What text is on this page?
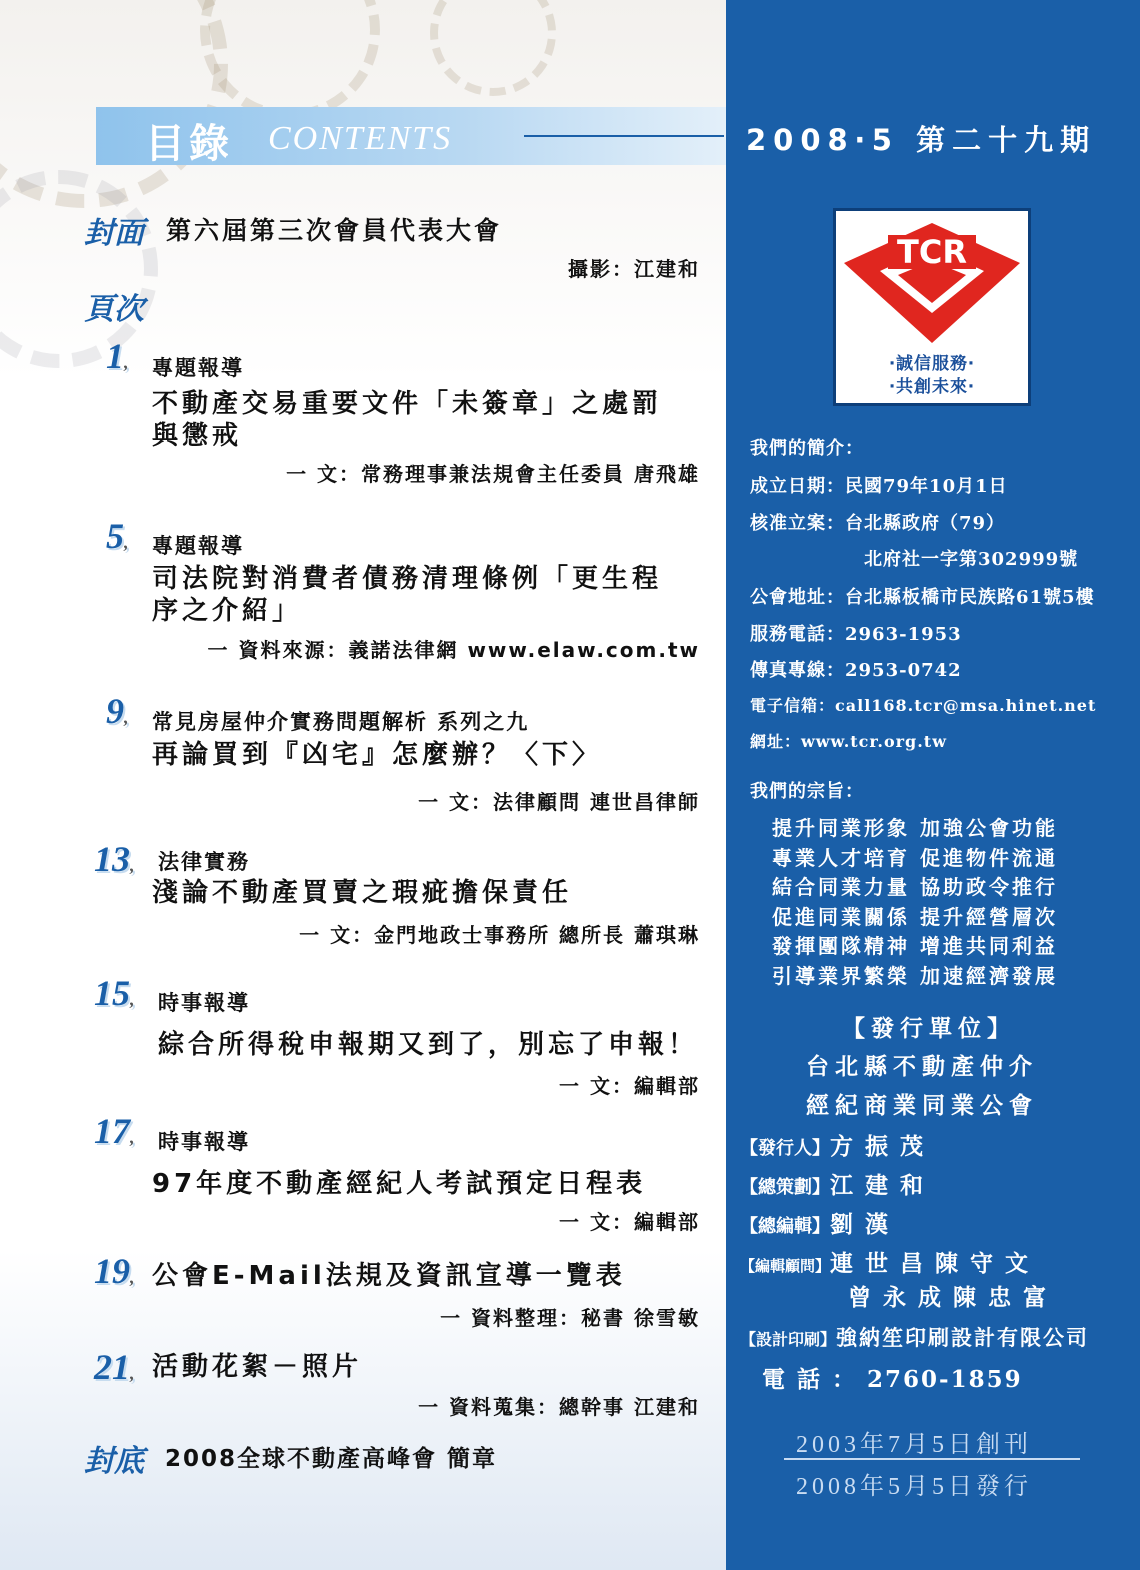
目錄 CONTENTS	2008‧5 第二十九期
封面 第六屆第三次會員代表大會
攝影：江建和
頁次
1 , 專題報導
不動產交易重要文件「未簽章」之處罰
與懲戒
一 文：常務理事兼法規會主任委員 唐飛雄
5 , 專題報導
司法院對消費者債務清理條例「更生程
序之介紹」
一 資料來源：義諾法律網 www.elaw.com.tw
9 , 常見房屋仲介實務問題解析 系列之九
再論買到『凶宅』怎麼辦？〈下〉
一 文：法律顧問 連世昌律師
13 , 法律實務
淺論不動產買賣之瑕疵擔保責任
一 文：金門地政士事務所 總所長 蕭琪琳
15 , 時事報導
綜合所得稅申報期又到了，別忘了申報！
一 文：編輯部
17 , 時事報導
97年度不動產經紀人考試預定日程表
一 文：編輯部
19 , 公會E-Mail法規及資訊宣導一覽表
一 資料整理：秘書 徐雪敏
21 , 活動花絮－照片
一 資料蒐集：總幹事 江建和
封底 2008全球不動產高峰會 簡章
TCR
‧誠信服務‧
‧共創未來‧
我們的簡介：
成立日期：民國79年10月1日
核准立案：台北縣政府（79）
北府社一字第302999號
公會地址：台北縣板橋市民族路61號5樓
服務電話：2963-1953
傳真專線：2953-0742
電子信箱：call168.tcr@msa.hinet.net
網址：www.tcr.org.tw
我們的宗旨：
提升同業形象 加強公會功能
專業人才培育 促進物件流通
結合同業力量 協助政令推行
促進同業關係 提升經營層次
發揮團隊精神 增進共同利益
引導業界繁榮 加速經濟發展
【發行單位】
台北縣不動產仲介
經紀商業同業公會
【發行人】方 振 茂
【總策劃】江 建 和
【總編輯】劉 漢
【編輯顧問】連 世 昌 陳 守 文
曾 永 成 陳 忠 富
【設計印刷】強納笙印刷設計有限公司
電 話 ： 2760-1859
2003年7月5日創刊
2008年5月5日發行
